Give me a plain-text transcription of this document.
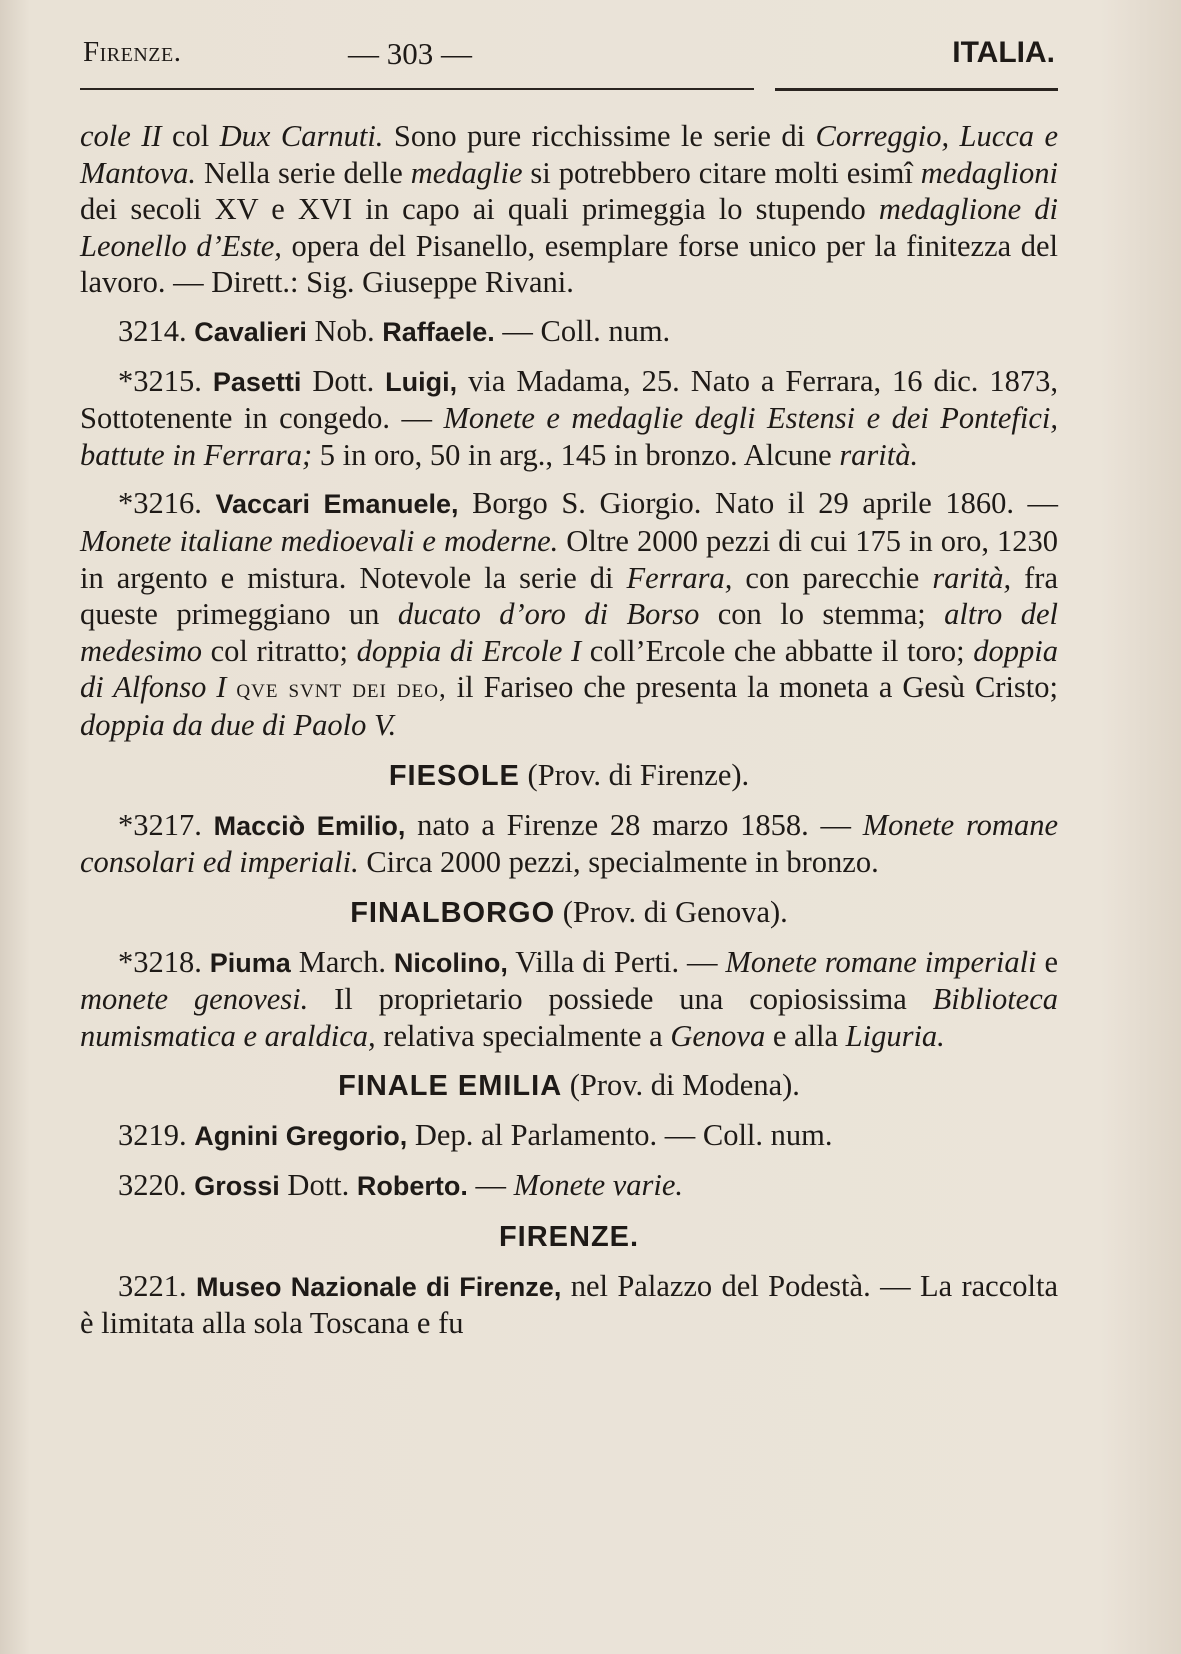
Firenze.	— 303 —	ITALIA.

cole II col Dux Carnuti. Sono pure ricchissime le serie di Correggio, Lucca e Mantova. Nella serie delle medaglie si potrebbero citare molti esimî medaglioni dei secoli XV e XVI in capo ai quali primeggia lo stupendo medaglione di Leonello d’Este, opera del Pisanello, esemplare forse unico per la finitezza del lavoro. — Dirett.: Sig. Giuseppe Rivani.

3214. Cavalieri Nob. Raffaele. — Coll. num.

*3215. Pasetti Dott. Luigi, via Madama, 25. Nato a Ferrara, 16 dic. 1873, Sottotenente in congedo. — Monete e medaglie degli Estensi e dei Pontefici, battute in Ferrara; 5 in oro, 50 in arg., 145 in bronzo. Alcune rarità.

*3216. Vaccari Emanuele, Borgo S. Giorgio. Nato il 29 aprile 1860. — Monete italiane medioevali e moderne. Oltre 2000 pezzi di cui 175 in oro, 1230 in argento e mistura. Notevole la serie di Ferrara, con parecchie rarità, fra queste primeggiano un ducato d’oro di Borso con lo stemma; altro del medesimo col ritratto; doppia di Ercole I coll’Ercole che abbatte il toro; doppia di Alfonso I qve svnt dei deo, il Fariseo che presenta la moneta a Gesù Cristo; doppia da due di Paolo V.

FIESOLE (Prov. di Firenze).

*3217. Macciò Emilio, nato a Firenze 28 marzo 1858. — Monete romane consolari ed imperiali. Circa 2000 pezzi, specialmente in bronzo.

FINALBORGO (Prov. di Genova).

*3218. Piuma March. Nicolino, Villa di Perti. — Monete romane imperiali e monete genovesi. Il proprietario possiede una copiosissima Biblioteca numismatica e araldica, relativa specialmente a Genova e alla Liguria.

FINALE EMILIA (Prov. di Modena).

3219. Agnini Gregorio, Dep. al Parlamento. — Coll. num.

3220. Grossi Dott. Roberto. — Monete varie.

FIRENZE.

3221. Museo Nazionale di Firenze, nel Palazzo del Podestà. — La raccolta è limitata alla sola Toscana e fu
